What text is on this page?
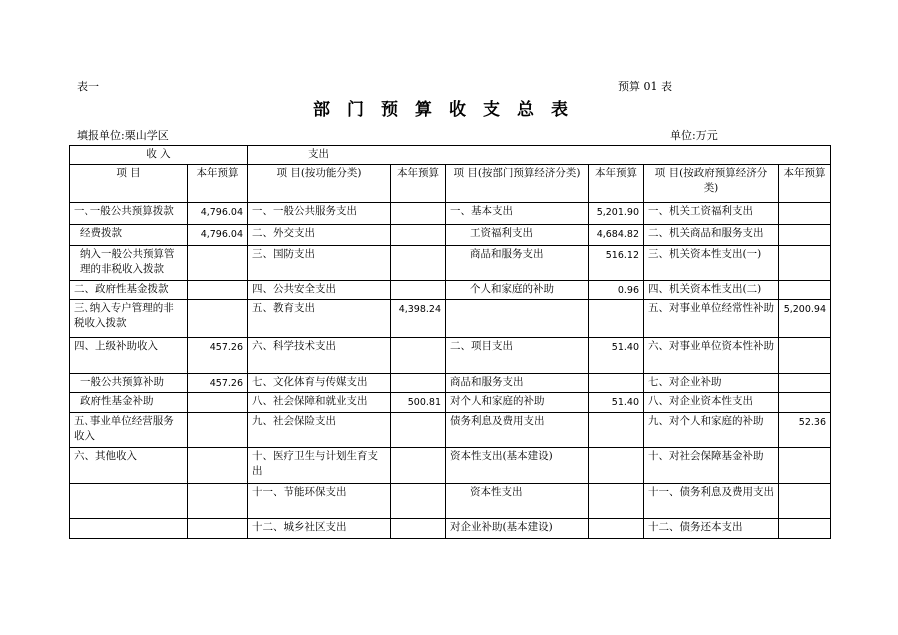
表一	预算 01 表
部门预算收支总表
填报单位:栗山学区	单位:万元
收 入		支出					
项 目	本年预算	项 目(按功能分类)	本年预算	项 目(按部门预算经济分类)	本年预算	项 目(按政府预算经济分类)	本年预算
一､一般公共预算拨款	4,796.04	一、一般公共服务支出		一、基本支出	5,201.90	一、机关工资福利支出	
经费拨款	4,796.04	二、外交支出		工资福利支出	4,684.82	二、机关商品和服务支出	
纳入一般公共预算管理的非税收入拨款		三、国防支出		商品和服务支出	516.12	三、机关资本性支出(一)	
二、政府性基金拨款		四、公共安全支出		个人和家庭的补助	0.96	四、机关资本性支出(二)	
三､纳入专户管理的非税收入拨款		五、教育支出	4,398.24			五、对事业单位经常性补助	5,200.94
四、上级补助收入	457.26	六、科学技术支出		二、项目支出	51.40	六、对事业单位资本性补助	
一般公共预算补助	457.26	七、文化体育与传媒支出		商品和服务支出		七、对企业补助	
政府性基金补助		八、社会保障和就业支出	500.81	对个人和家庭的补助	51.40	八、对企业资本性支出	
五､事业单位经营服务收入		九、社会保险支出		债务利息及费用支出		九、对个人和家庭的补助	52.36
六、其他收入		十、医疗卫生与计划生育支出		资本性支出(基本建设)		十、对社会保障基金补助	
		十一、节能环保支出		资本性支出		十一、债务利息及费用支出	
		十二、城乡社区支出		对企业补助(基本建设)		十二、债务还本支出	
